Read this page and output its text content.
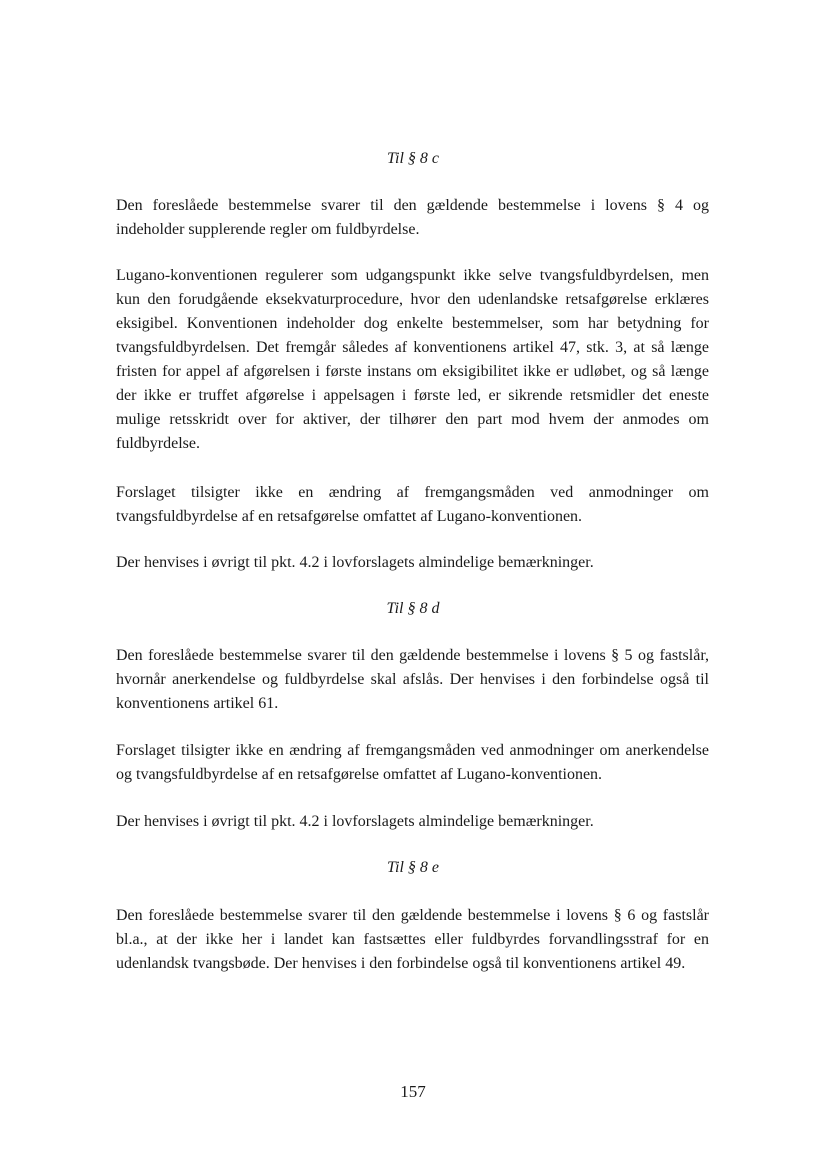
Til § 8 c

Den foreslåede bestemmelse svarer til den gældende bestemmelse i lovens § 4 og indeholder supplerende regler om fuldbyrdelse.

Lugano-konventionen regulerer som udgangspunkt ikke selve tvangsfuldbyrdelsen, men kun den forudgående eksekvaturprocedure, hvor den udenlandske retsafgørelse erklæres eksigibel. Konventionen indeholder dog enkelte bestemmelser, som har betydning for tvangsfuldbyrdelsen. Det fremgår således af konventionens artikel 47, stk. 3, at så længe fristen for appel af afgørelsen i første instans om eksigibilitet ikke er udløbet, og så længe der ikke er truffet afgørelse i appelsagen i første led, er sikrende retsmidler det eneste mulige retsskridt over for aktiver, der tilhører den part mod hvem der anmodes om fuldbyrdelse.

Forslaget tilsigter ikke en ændring af fremgangsmåden ved anmodninger om tvangsfuldbyrdelse af en retsafgørelse omfattet af Lugano-konventionen.

Der henvises i øvrigt til pkt. 4.2 i lovforslagets almindelige bemærkninger.

Til § 8 d

Den foreslåede bestemmelse svarer til den gældende bestemmelse i lovens § 5 og fastslår, hvornår anerkendelse og fuldbyrdelse skal afslås. Der henvises i den forbindelse også til konventionens artikel 61.

Forslaget tilsigter ikke en ændring af fremgangsmåden ved anmodninger om anerkendelse og tvangsfuldbyrdelse af en retsafgørelse omfattet af Lugano-konventionen.

Der henvises i øvrigt til pkt. 4.2 i lovforslagets almindelige bemærkninger.

Til § 8 e

Den foreslåede bestemmelse svarer til den gældende bestemmelse i lovens § 6 og fastslår bl.a., at der ikke her i landet kan fastsættes eller fuldbyrdes forvandlingsstraf for en udenlandsk tvangsbøde. Der henvises i den forbindelse også til konventionens artikel 49.

157
